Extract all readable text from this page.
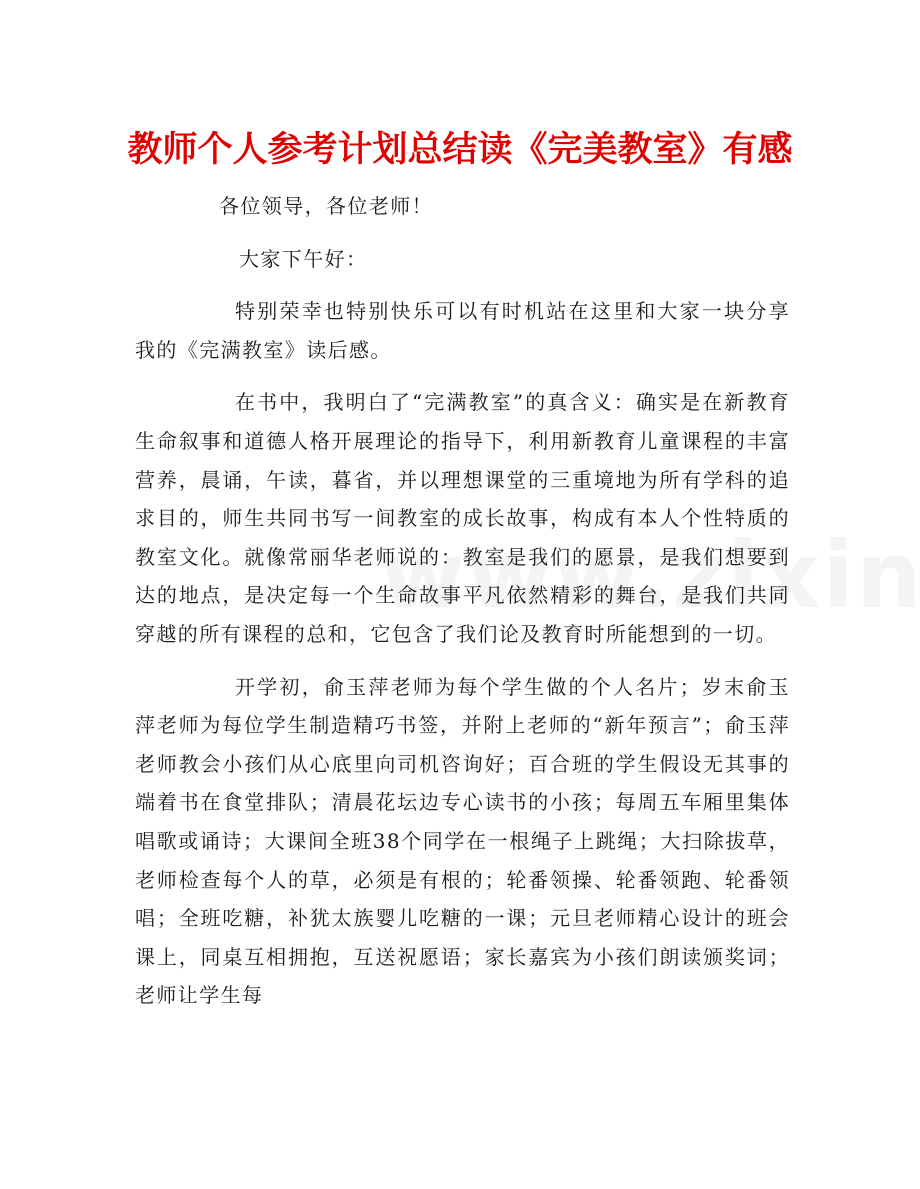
教师个人参考计划总结读《完美教室》有感

各位领导，各位老师！

大家下午好：

特别荣幸也特别快乐可以有时机站在这里和大家一块分享我的《完满教室》读后感。

在书中，我明白了“完满教室”的真含义：确实是在新教育生命叙事和道德人格开展理论的指导下，利用新教育儿童课程的丰富营养，晨诵，午读，暮省，并以理想课堂的三重境地为所有学科的追求目的，师生共同书写一间教室的成长故事，构成有本人个性特质的教室文化。就像常丽华老师说的：教室是我们的愿景，是我们想要到达的地点，是决定每一个生命故事平凡依然精彩的舞台，是我们共同穿越的所有课程的总和，它包含了我们论及教育时所能想到的一切。

开学初，俞玉萍老师为每个学生做的个人名片；岁末俞玉萍老师为每位学生制造精巧书签，并附上老师的“新年预言”；俞玉萍老师教会小孩们从心底里向司机咨询好；百合班的学生假设无其事的端着书在食堂排队；清晨花坛边专心读书的小孩；每周五车厢里集体唱歌或诵诗；大课间全班38个同学在一根绳子上跳绳；大扫除拔草，老师检查每个人的草，必须是有根的；轮番领操、轮番领跑、轮番领唱；全班吃糖，补犹太族婴儿吃糖的一课；元旦老师精心设计的班会课上，同桌互相拥抱，互送祝愿语；家长嘉宾为小孩们朗读颁奖词；老师让学生每
